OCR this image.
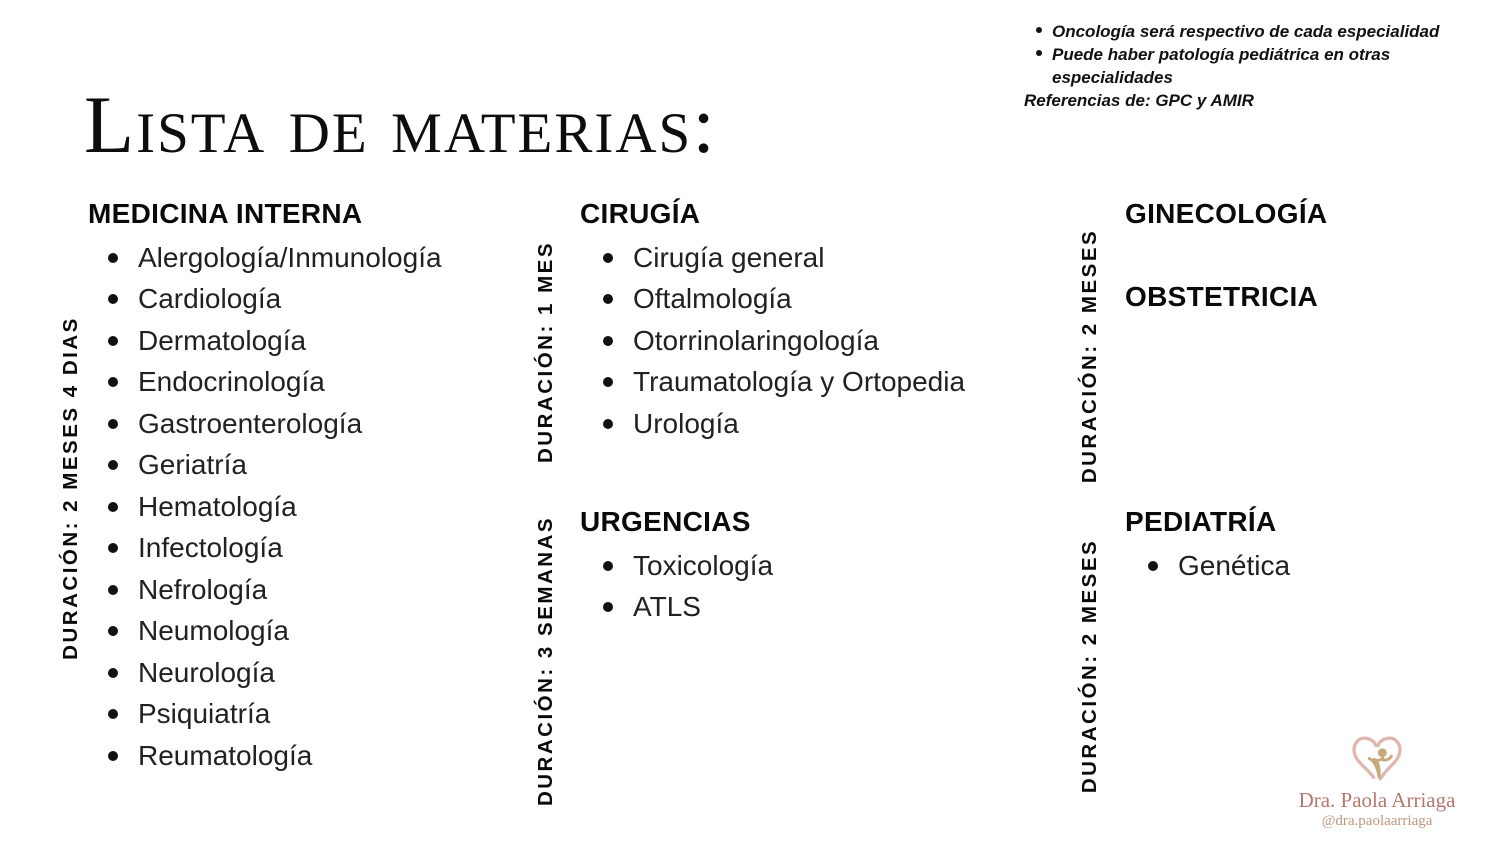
Oncología será respectivo de cada especialidad
Puede haber patología pediátrica en otras especialidades
Referencias de: GPC y AMIR
Lista de materias:
DURACIÓN: 2 MESES 4 DIAS	DURACIÓN: 1 MES
DURACIÓN: 3 SEMANAS
DURACIÓN: 2 MESES
DURACIÓN: 2 MESES
MEDICINA INTERNA
Alergología/Inmunología
Cardiología
Dermatología
Endocrinología
Gastroenterología
Geriatría
Hematología
Infectología
Nefrología
Neumología
Neurología
Psiquiatría
Reumatología
CIRUGÍA
Cirugía general
Oftalmología
Otorrinolaringología
Traumatología y Ortopedia
Urología
URGENCIAS
Toxicología
ATLS
GINECOLOGÍA
OBSTETRICIA
PEDIATRÍA
Genética
Dra. Paola Arriaga
@dra.paolaarriaga
